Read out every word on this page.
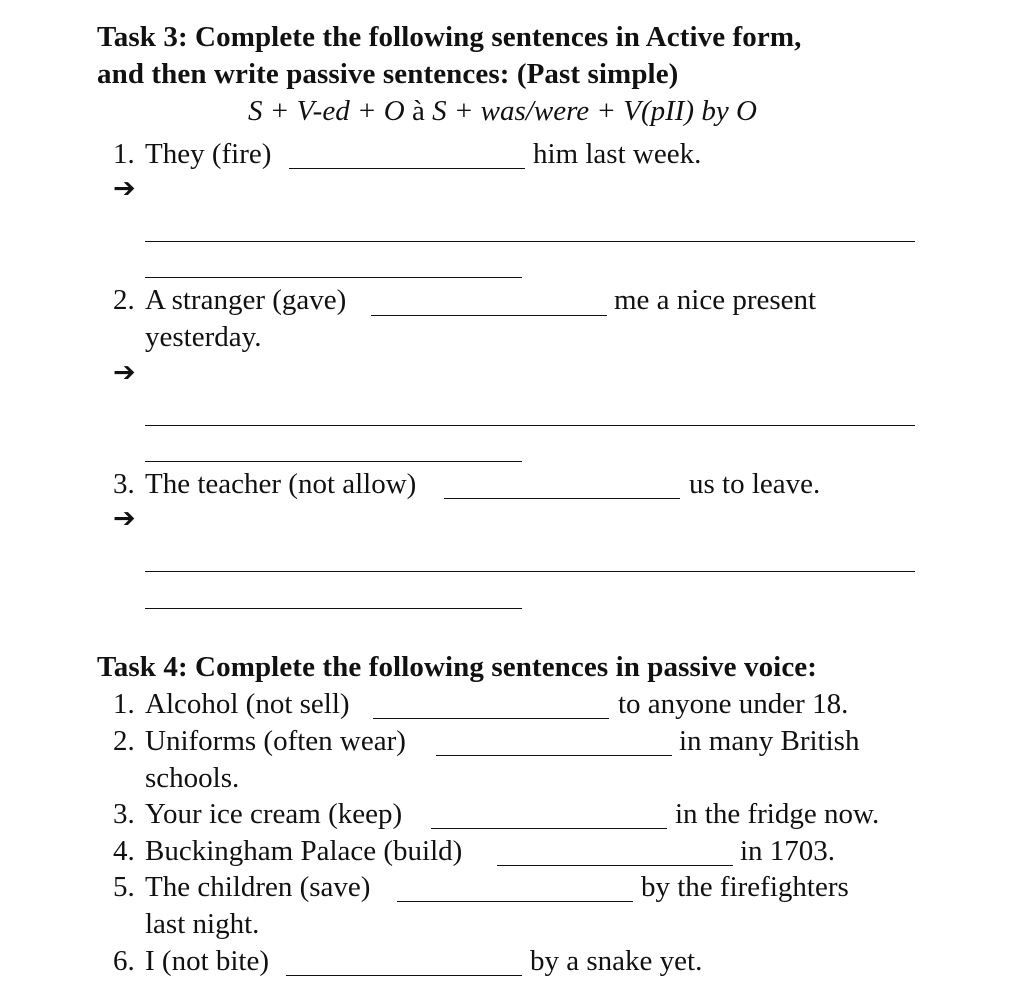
Task 3: Complete the following sentences in Active form,
and then write passive sentences: (Past simple)
S + V-ed + O à S + was/were + V(pII) by O
1. They (fire)	him last week.
➔
2. A stranger (gave)	me a nice present
yesterday.
➔
3. The teacher (not allow)	us to leave.
➔
Task 4: Complete the following sentences in passive voice:
1. Alcohol (not sell)	to anyone under 18.
2. Uniforms (often wear)	in many British
schools.
3. Your ice cream (keep)	in the fridge now.
4. Buckingham Palace (build)	in 1703.
5. The children (save)	by the firefighters
last night.
6. I (not bite)	by a snake yet.
